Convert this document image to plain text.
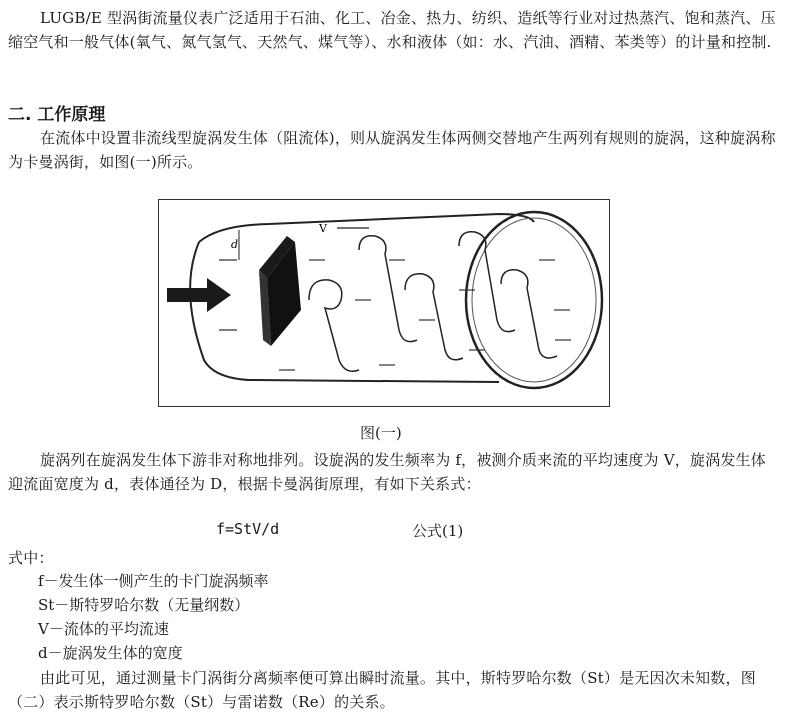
LUGB/E 型涡街流量仪表广泛适用于石油、化工、冶金、热力、纺织、造纸等行业对过热蒸汽、饱和蒸汽、压缩空气和一般气体(氧气、氮气氢气、天然气、煤气等）、水和液体（如：水、汽油、酒精、苯类等）的计量和控制.
二. 工作原理
在流体中设置非流线型旋涡发生体（阻流体)，则从旋涡发生体两侧交替地产生两列有规则的旋涡，这种旋涡称为卡曼涡街，如图(一)所示。
d
V
图(一)
旋涡列在旋涡发生体下游非对称地排列。设旋涡的发生频率为 f，被测介质来流的平均速度为 V，旋涡发生体迎流面宽度为 d，表体通径为 D，根据卡曼涡街原理，有如下关系式：
f=StV/d	公式(1)
式中：
f－发生体一侧产生的卡门旋涡频率
St－斯特罗哈尔数（无量纲数）
V－流体的平均流速
d－旋涡发生体的宽度
由此可见，通过测量卡门涡街分离频率便可算出瞬时流量。其中，斯特罗哈尔数（St）是无因次未知数，图（二）表示斯特罗哈尔数（St）与雷诺数（Re）的关系。
